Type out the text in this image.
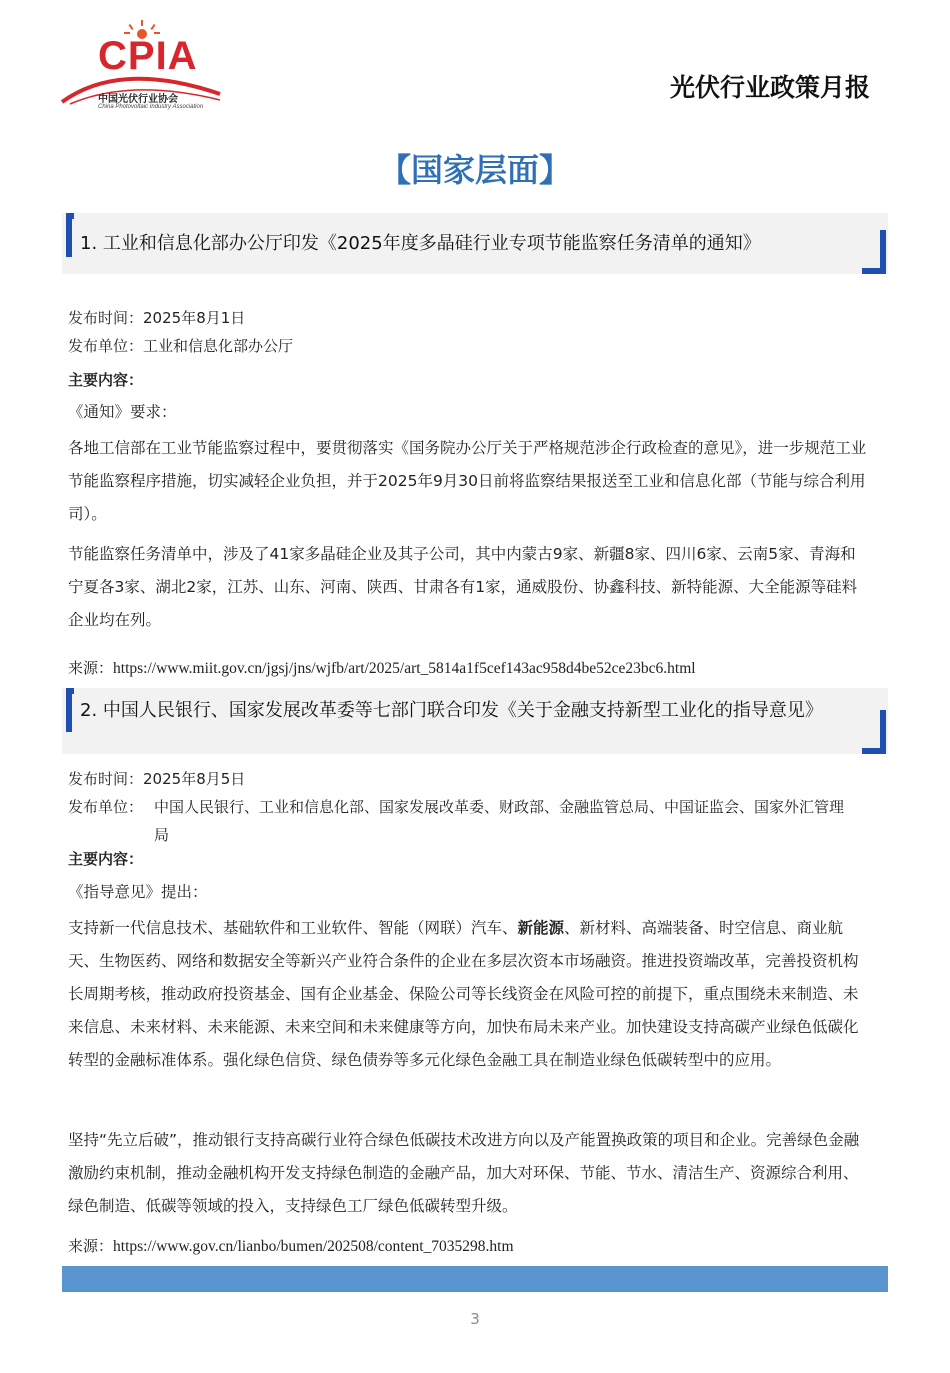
CPIA
中国光伏行业协会
China Photovoltaic Industry Association
光伏行业政策月报
【国家层面】
1. 工业和信息化部办公厅印发《2025年度多晶硅行业专项节能监察任务清单的通知》
发布时间：2025年8月1日
发布单位：工业和信息化部办公厅
主要内容：
《通知》要求：
各地工信部在工业节能监察过程中，要贯彻落实《国务院办公厅关于严格规范涉企行政检查的意见》，进一步规范工业节能监察程序措施，切实减轻企业负担，并于2025年9月30日前将监察结果报送至工业和信息化部（节能与综合利用司）。
节能监察任务清单中，涉及了41家多晶硅企业及其子公司，其中内蒙古9家、新疆8家、四川6家、云南5家、青海和宁夏各3家、湖北2家，江苏、山东、河南、陕西、甘肃各有1家，通威股份、协鑫科技、新特能源、大全能源等硅料企业均在列。
来源：https://www.miit.gov.cn/jgsj/jns/wjfb/art/2025/art_5814a1f5cef143ac958d4be52ce23bc6.html
2. 中国人民银行、国家发展改革委等七部门联合印发《关于金融支持新型工业化的指导意见》
发布时间：2025年8月5日
发布单位： 中国人民银行、工业和信息化部、国家发展改革委、财政部、金融监管总局、中国证监会、国家外汇管理局
主要内容：
《指导意见》提出：
支持新一代信息技术、基础软件和工业软件、智能（网联）汽车、新能源、新材料、高端装备、时空信息、商业航天、生物医药、网络和数据安全等新兴产业符合条件的企业在多层次资本市场融资。推进投资端改革，完善投资机构长周期考核，推动政府投资基金、国有企业基金、保险公司等长线资金在风险可控的前提下，重点围绕未来制造、未来信息、未来材料、未来能源、未来空间和未来健康等方向，加快布局未来产业。加快建设支持高碳产业绿色低碳化转型的金融标准体系。强化绿色信贷、绿色债券等多元化绿色金融工具在制造业绿色低碳转型中的应用。
坚持“先立后破”，推动银行支持高碳行业符合绿色低碳技术改进方向以及产能置换政策的项目和企业。完善绿色金融激励约束机制，推动金融机构开发支持绿色制造的金融产品，加大对环保、节能、节水、清洁生产、资源综合利用、绿色制造、低碳等领域的投入，支持绿色工厂绿色低碳转型升级。
来源：https://www.gov.cn/lianbo/bumen/202508/content_7035298.htm
3
